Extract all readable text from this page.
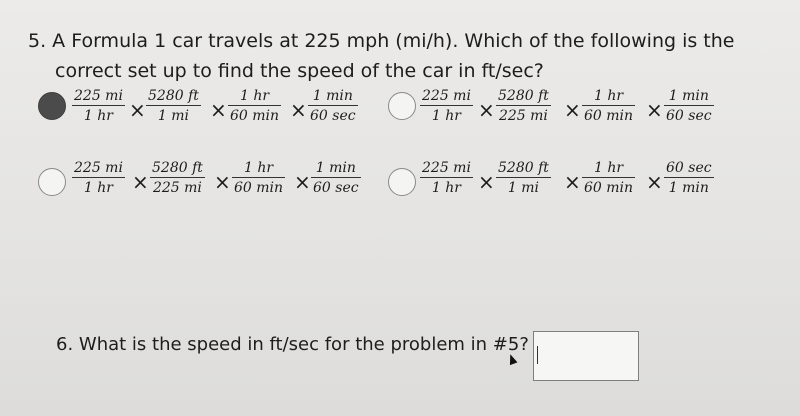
5. A Formula 1 car travels at 225 mph (mi/h). Which of the following is the
correct set up to find the speed of the car in ft/sec?
$\frac{225 mi}{1 hr} \times \frac{5280 ft}{1 mi}$ ×
1 hr
60 min ×
1 min
60 sec	$\frac{225 mi}{1 hr} \times \frac{5280 ft}{225 mi}$ ×
1 hr
60 min ×
1 min
60 sec
$\frac{225 mi}{1 hr} \times \frac{5280 ft}{225 mi}$ ×
1 hr
60 min ×
1 min
60 sec	$\frac{225 mi}{1 hr} \times \frac{5280 ft}{1 mi}$ ×
1 hr
60 min ×
60 sec
1 min
6. What is the speed in ft/sec for the problem in #5?
